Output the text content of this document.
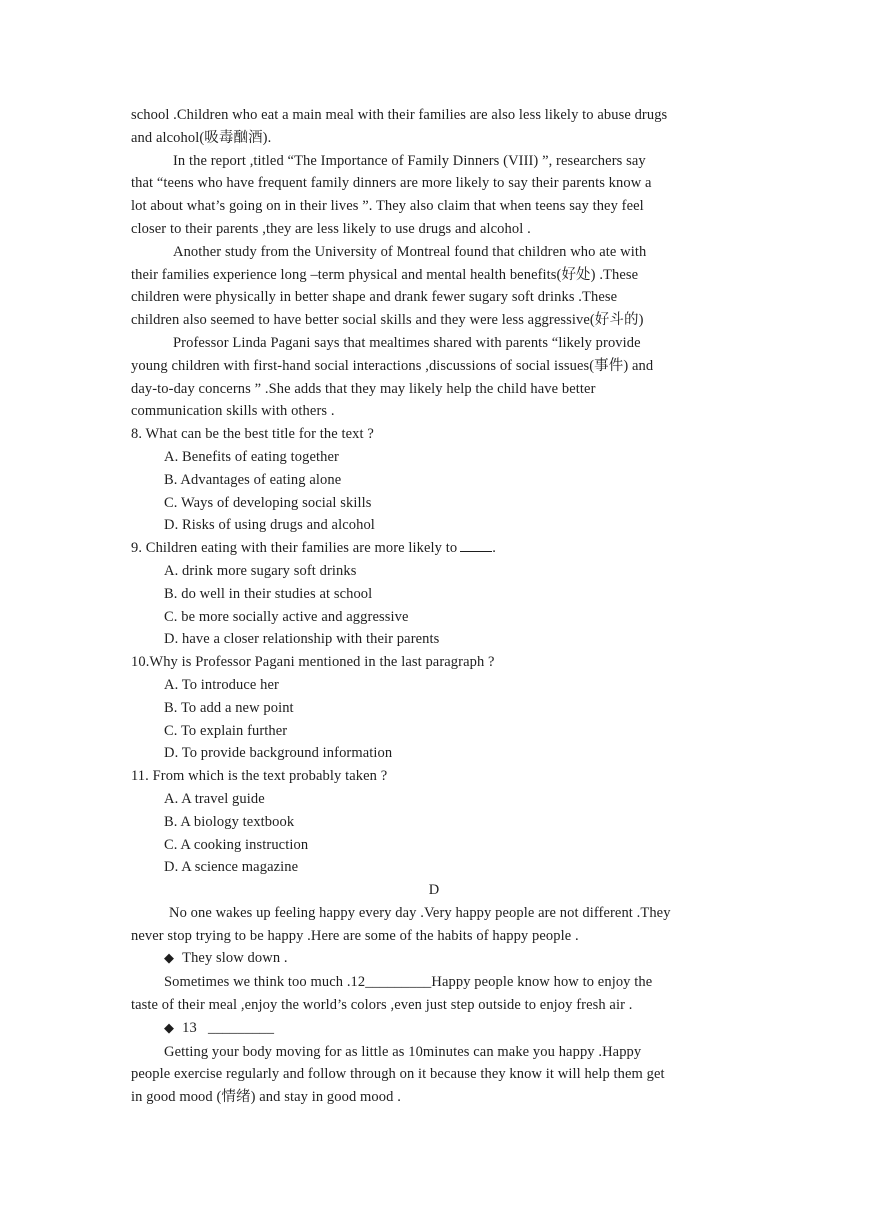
school .Children who eat a main meal with their families are also less likely to abuse drugs
and alcohol(吸毒酗酒).

In the report ,titled “The Importance of Family Dinners (VIII) ”, researchers say
that “teens who have frequent family dinners are more likely to say their parents know a
lot about what’s going on in their lives ”. They also claim that when teens say they feel
closer to their parents ,they are less likely to use drugs and alcohol .

Another study from the University of Montreal found that children who ate with
their families experience long –term physical and mental health benefits(好处) .These
children were physically in better shape and drank fewer sugary soft drinks .These
children also seemed to have better social skills and they were less aggressive(好斗的)

Professor Linda Pagani says that mealtimes shared with parents “likely provide
young children with first-hand social interactions ,discussions of social issues(事件) and
day-to-day concerns ” .She adds that they may likely help the child have better
communication skills with others .

8. What can be the best title for the text ?

A. Benefits of eating together

B. Advantages of eating alone

C. Ways of developing social skills

D. Risks of using drugs and alcohol

9. Children eating with their families are more likely to .

A. drink more sugary soft drinks

B. do well in their studies at school

C. be more socially active and aggressive

D. have a closer relationship with their parents

10.Why is Professor Pagani mentioned in the last paragraph ?

A. To introduce her

B. To add a new point

C. To explain further

D. To provide background information

11. From which is the text probably taken ?

A. A travel guide

B. A biology textbook

C. A cooking instruction

D. A science magazine

D

No one wakes up feeling happy every day .Very happy people are not different .They
never stop trying to be happy .Here are some of the habits of happy people .

◆ They slow down .

Sometimes we think too much .12_________Happy people know how to enjoy the
taste of their meal ,enjoy the world’s colors ,even just step outside to enjoy fresh air .

◆ 13   _________

Getting your body moving for as little as 10minutes can make you happy .Happy
people exercise regularly and follow through on it because they know it will help them get
in good mood (情绪) and stay in good mood .
